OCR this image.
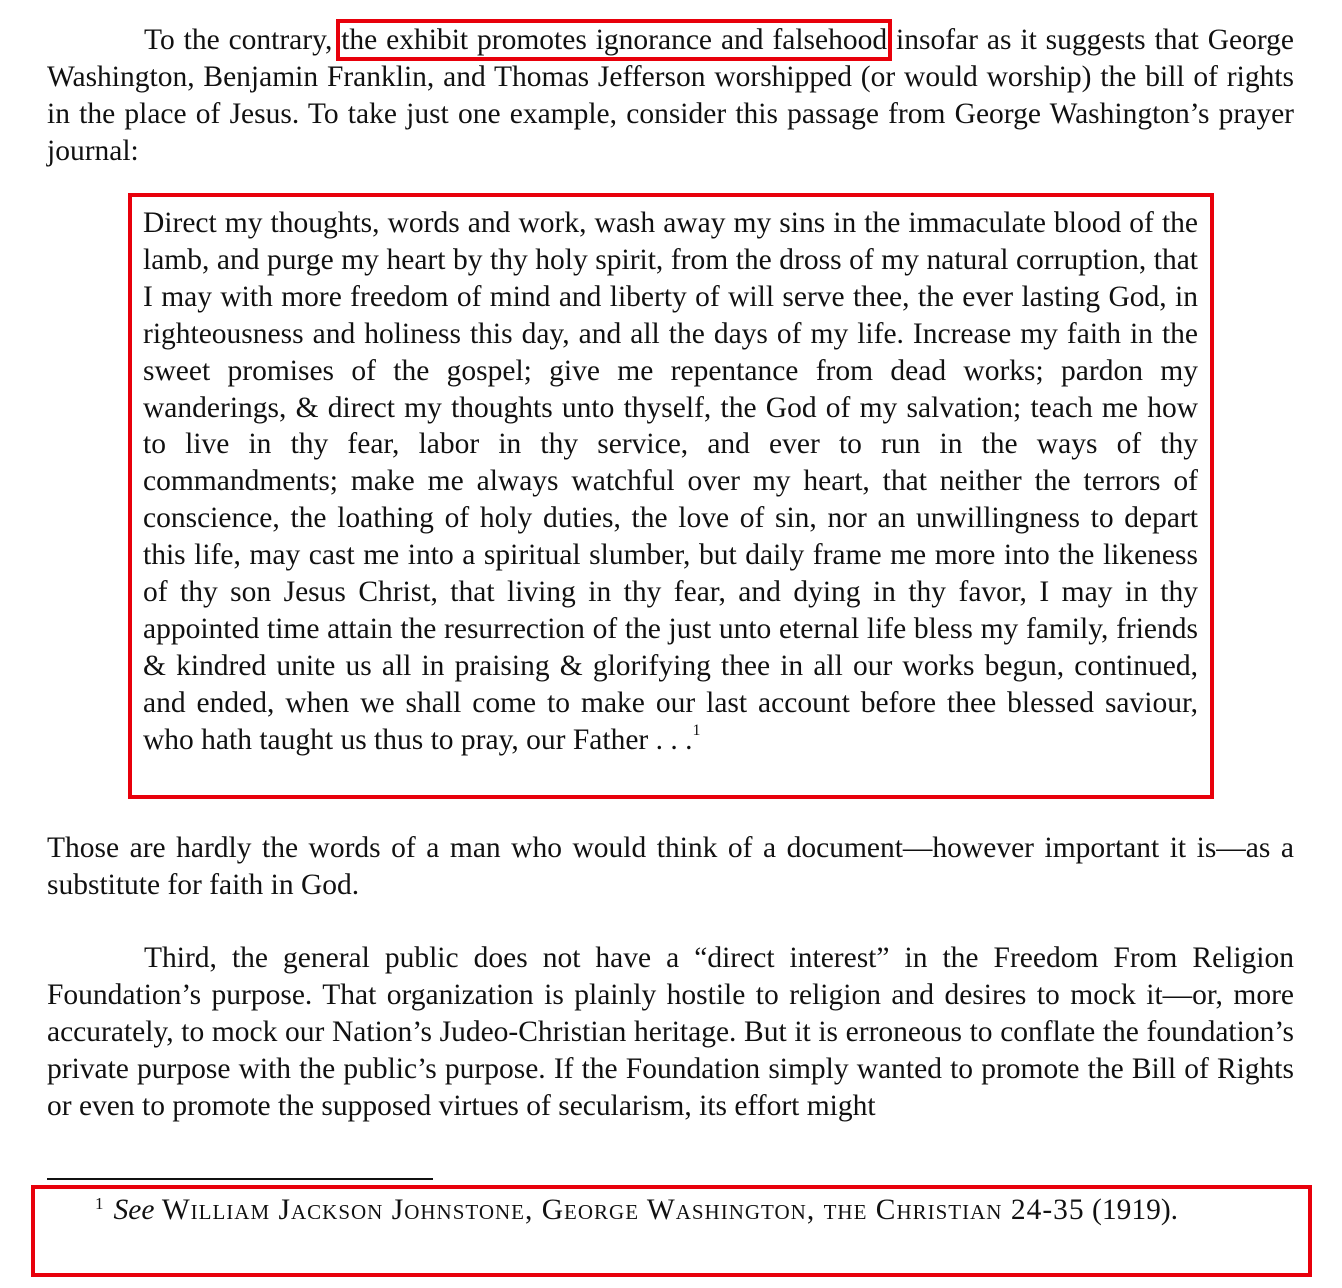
To the contrary, the exhibit promotes ignorance and falsehood insofar as it suggests that George Washington, Benjamin Franklin, and Thomas Jefferson worshipped (or would worship) the bill of rights in the place of Jesus. To take just one example, consider this passage from George Washington’s prayer journal:

Direct my thoughts, words and work, wash away my sins in the immaculate blood of the lamb, and purge my heart by thy holy spirit, from the dross of my natural corruption, that I may with more freedom of mind and liberty of will serve thee, the ever lasting God, in righteousness and holiness this day, and all the days of my life. Increase my faith in the sweet promises of the gospel; give me repentance from dead works; pardon my wanderings, & direct my thoughts unto thyself, the God of my salvation; teach me how to live in thy fear, labor in thy service, and ever to run in the ways of thy commandments; make me always watchful over my heart, that neither the terrors of conscience, the loathing of holy duties, the love of sin, nor an unwillingness to depart this life, may cast me into a spiritual slumber, but daily frame me more into the likeness of thy son Jesus Christ, that living in thy fear, and dying in thy favor, I may in thy appointed time attain the resurrection of the just unto eternal life bless my family, friends & kindred unite us all in praising & glorifying thee in all our works begun, continued, and ended, when we shall come to make our last account before thee blessed saviour, who hath taught us thus to pray, our Father . . .$^1$

Those are hardly the words of a man who would think of a document—however important it is—as a substitute for faith in God.

Third, the general public does not have a “direct interest” in the Freedom From Religion Foundation’s purpose. That organization is plainly hostile to religion and desires to mock it—or, more accurately, to mock our Nation’s Judeo-Christian heritage. But it is erroneous to conflate the foundation’s private purpose with the public’s purpose. If the Foundation simply wanted to promote the Bill of Rights or even to promote the supposed virtues of secularism, its effort might

$^1$ See William Jackson Johnstone, George Washington, the Christian 24-35 (1919).
